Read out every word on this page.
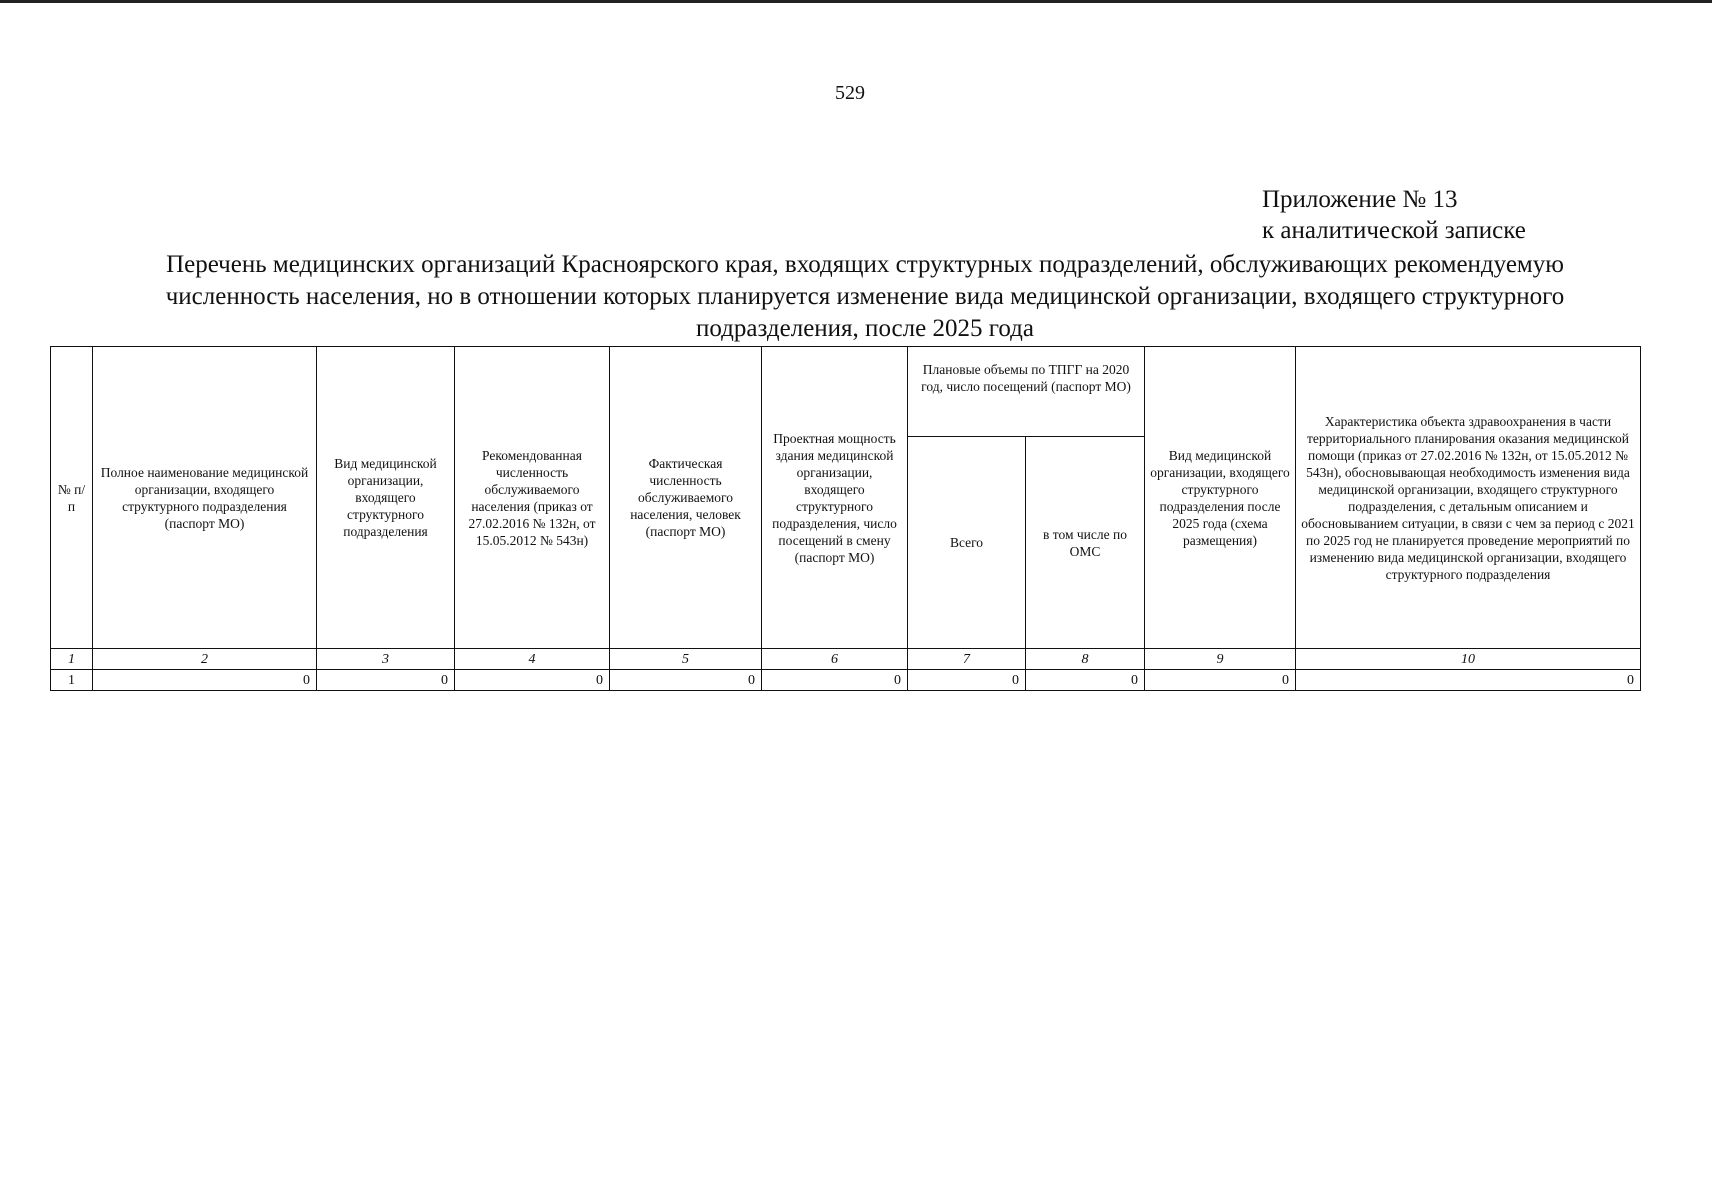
529
Приложение № 13
к аналитической записке
Перечень медицинских организаций Красноярского края, входящих структурных подразделений, обслуживающих рекомендуемую численность населения, но в отношении которых планируется изменение вида медицинской организации, входящего структурного подразделения, после 2025 года
№ п/п	Полное наименование медицинской организации, входящего структурного подразделения (паспорт МО)	Вид медицинской организации, входящего структурного подразделения	Рекомендованная численность обслуживаемого населения (приказ от 27.02.2016 № 132н, от 15.05.2012 № 543н)	Фактическая численность обслуживаемого населения, человек (паспорт МО)	Проектная мощность здания медицинской организации, входящего структурного подразделения, число посещений в смену (паспорт МО)	Плановые объемы по ТПГГ на 2020 год, число посещений (паспорт МО)		Вид медицинской организации, входящего структурного подразделения после 2025 года (схема размещения)	Характеристика объекта здравоохранения в части территориального планирования оказания медицинской помощи (приказ от 27.02.2016 № 132н, от 15.05.2012 № 543н), обосновывающая необходимость изменения вида медицинской организации, входящего структурного подразделения, с детальным описанием и обосновыванием ситуации, в связи с чем за период с 2021 по 2025 год не планируется проведение мероприятий по изменению вида медицинской организации, входящего структурного подразделения
						Всего	в том числе по ОМС		
1	2	3	4	5	6	7	8	9	10
1	0	0	0	0	0	0	0	0	0
